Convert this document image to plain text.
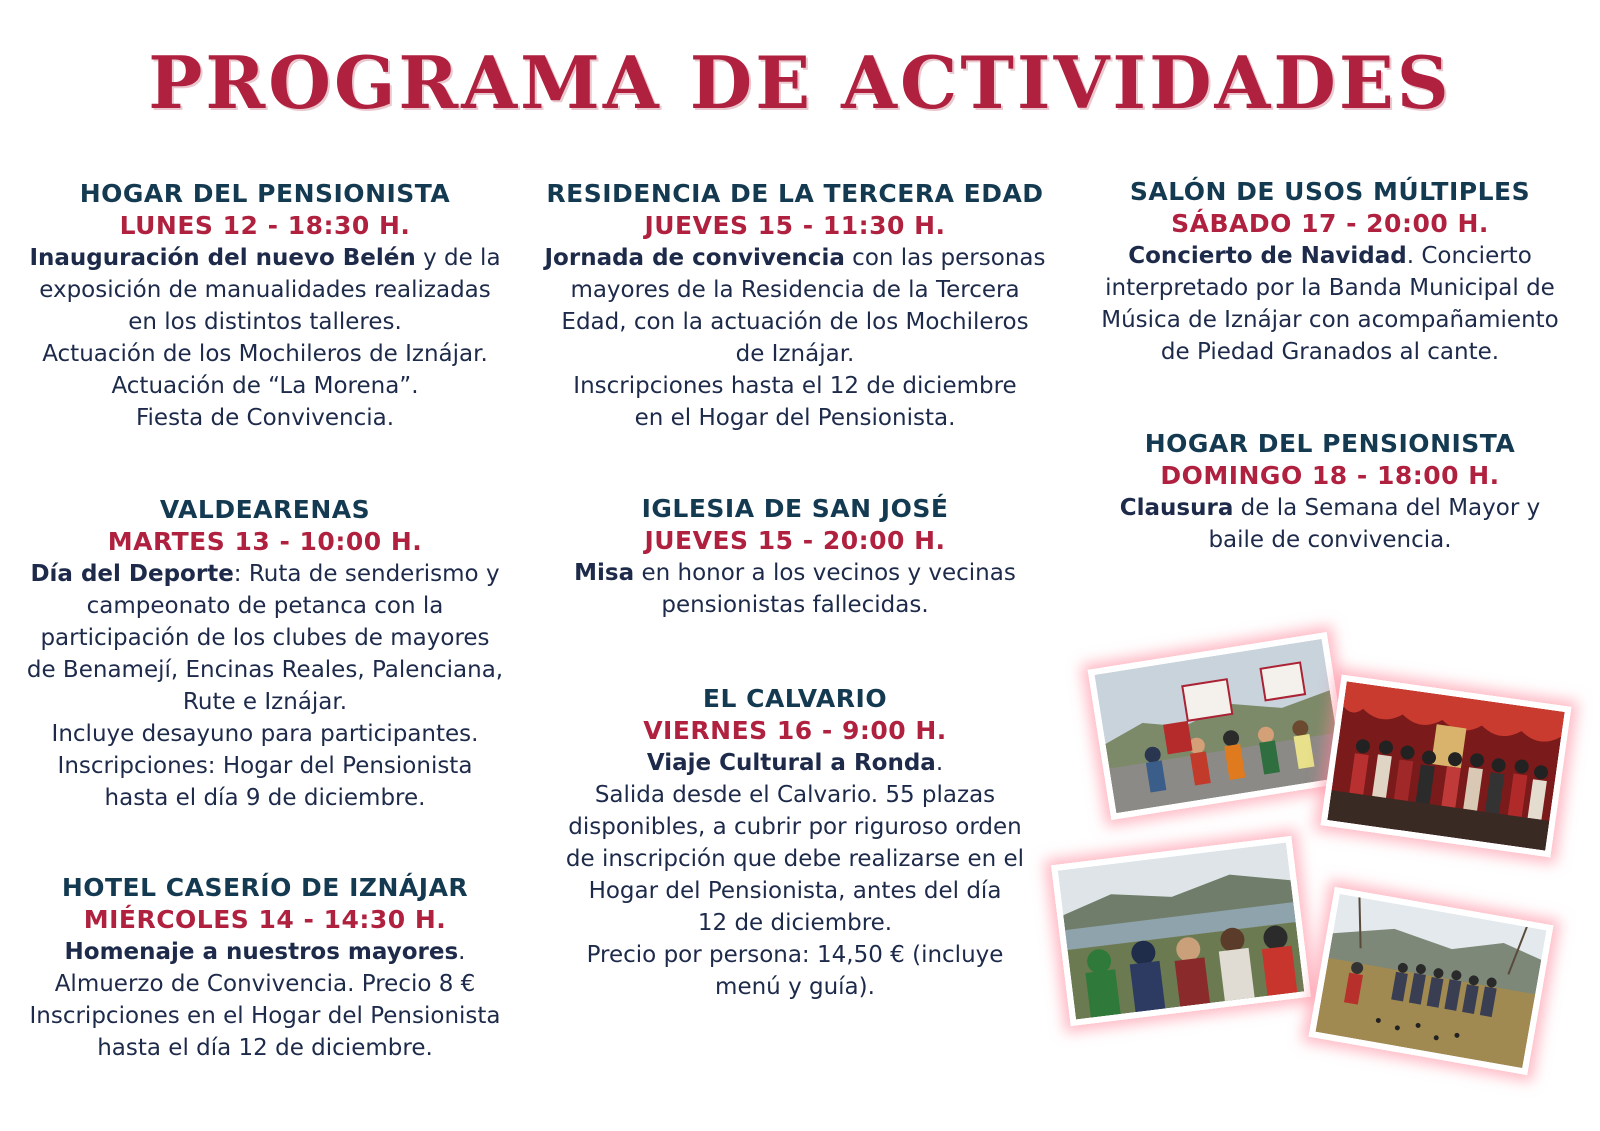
PROGRAMA DE ACTIVIDADES
HOGAR DEL PENSIONISTA
LUNES 12 - 18:30 H.
Inauguración del nuevo Belén y de la
exposición de manualidades realizadas
en los distintos talleres.
Actuación de los Mochileros de Iznájar.
Actuación de “La Morena”.
Fiesta de Convivencia.
VALDEARENAS
MARTES 13 - 10:00 H.
Día del Deporte: Ruta de senderismo y
campeonato de petanca con la
participación de los clubes de mayores
de Benamejí, Encinas Reales, Palenciana,
Rute e Iznájar.
Incluye desayuno para participantes.
Inscripciones: Hogar del Pensionista
hasta el día 9 de diciembre.
HOTEL CASERÍO DE IZNÁJAR
MIÉRCOLES 14 - 14:30 H.
Homenaje a nuestros mayores.
Almuerzo de Convivencia. Precio 8 €
Inscripciones en el Hogar del Pensionista
hasta el día 12 de diciembre.
RESIDENCIA DE LA TERCERA EDAD
JUEVES 15 - 11:30 H.
Jornada de convivencia con las personas
mayores de la Residencia de la Tercera
Edad, con la actuación de los Mochileros
de Iznájar.
Inscripciones hasta el 12 de diciembre
en el Hogar del Pensionista.
IGLESIA DE SAN JOSÉ
JUEVES 15 - 20:00 H.
Misa en honor a los vecinos y vecinas
pensionistas fallecidas.
EL CALVARIO
VIERNES 16 - 9:00 H.
Viaje Cultural a Ronda.
Salida desde el Calvario. 55 plazas
disponibles, a cubrir por riguroso orden
de inscripción que debe realizarse en el
Hogar del Pensionista, antes del día
12 de diciembre.
Precio por persona: 14,50 € (incluye
menú y guía).
SALÓN DE USOS MÚLTIPLES
SÁBADO 17 - 20:00 H.
Concierto de Navidad. Concierto
interpretado por la Banda Municipal de
Música de Iznájar con acompañamiento
de Piedad Granados al cante.
HOGAR DEL PENSIONISTA
DOMINGO 18 - 18:00 H.
Clausura de la Semana del Mayor y
baile de convivencia.
